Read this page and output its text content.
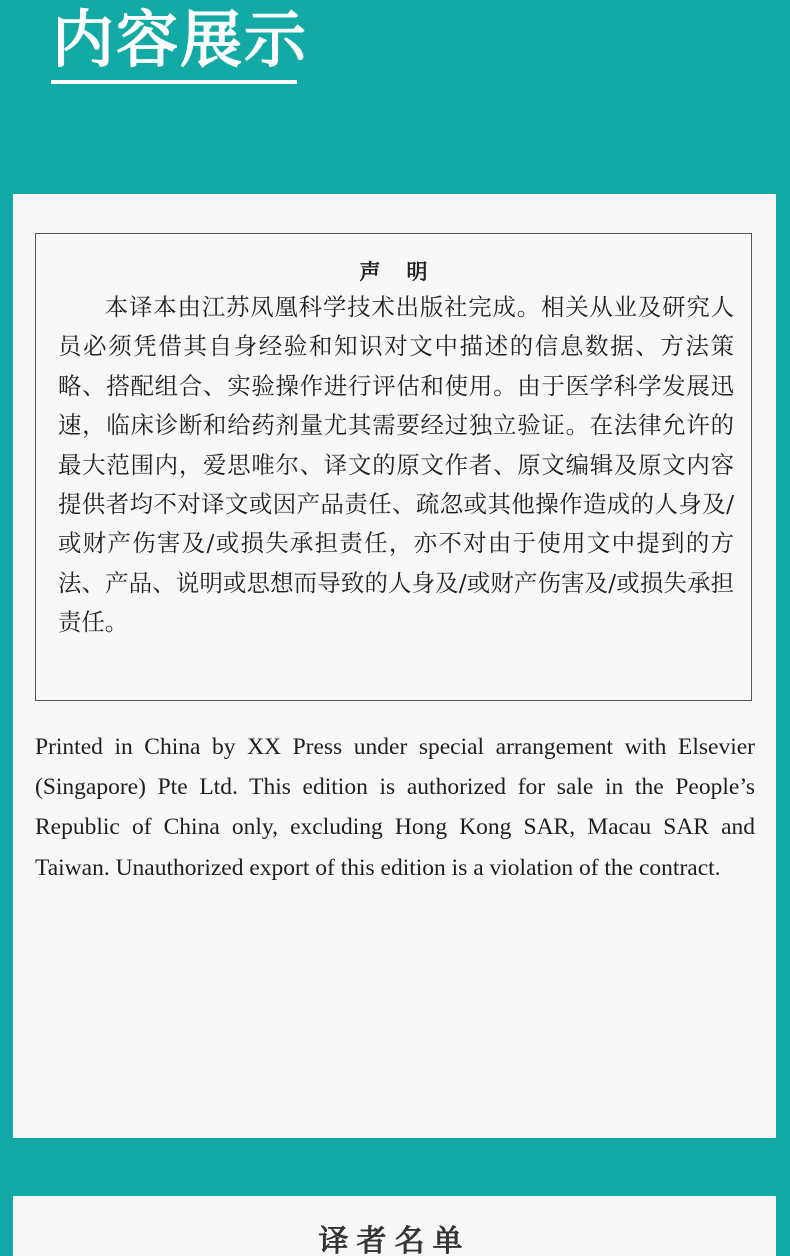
内容展示
声明

本译本由江苏凤凰科学技术出版社完成。相关从业及研究人员必须凭借其自身经验和知识对文中描述的信息数据、方法策略、搭配组合、实验操作进行评估和使用。由于医学科学发展迅速，临床诊断和给药剂量尤其需要经过独立验证。在法律允许的最大范围内，爱思唯尔、译文的原文作者、原文编辑及原文内容提供者均不对译文或因产品责任、疏忽或其他操作造成的人身及/或财产伤害及/或损失承担责任，亦不对由于使用文中提到的方法、产品、说明或思想而导致的人身及/或财产伤害及/或损失承担责任。

Printed in China by XX Press under special arrangement with Elsevier (Singapore) Pte Ltd. This edition is authorized for sale in the People’s Republic of China only, excluding Hong Kong SAR, Macau SAR and Taiwan. Unauthorized export of this edition is a violation of the contract.

译者名单
